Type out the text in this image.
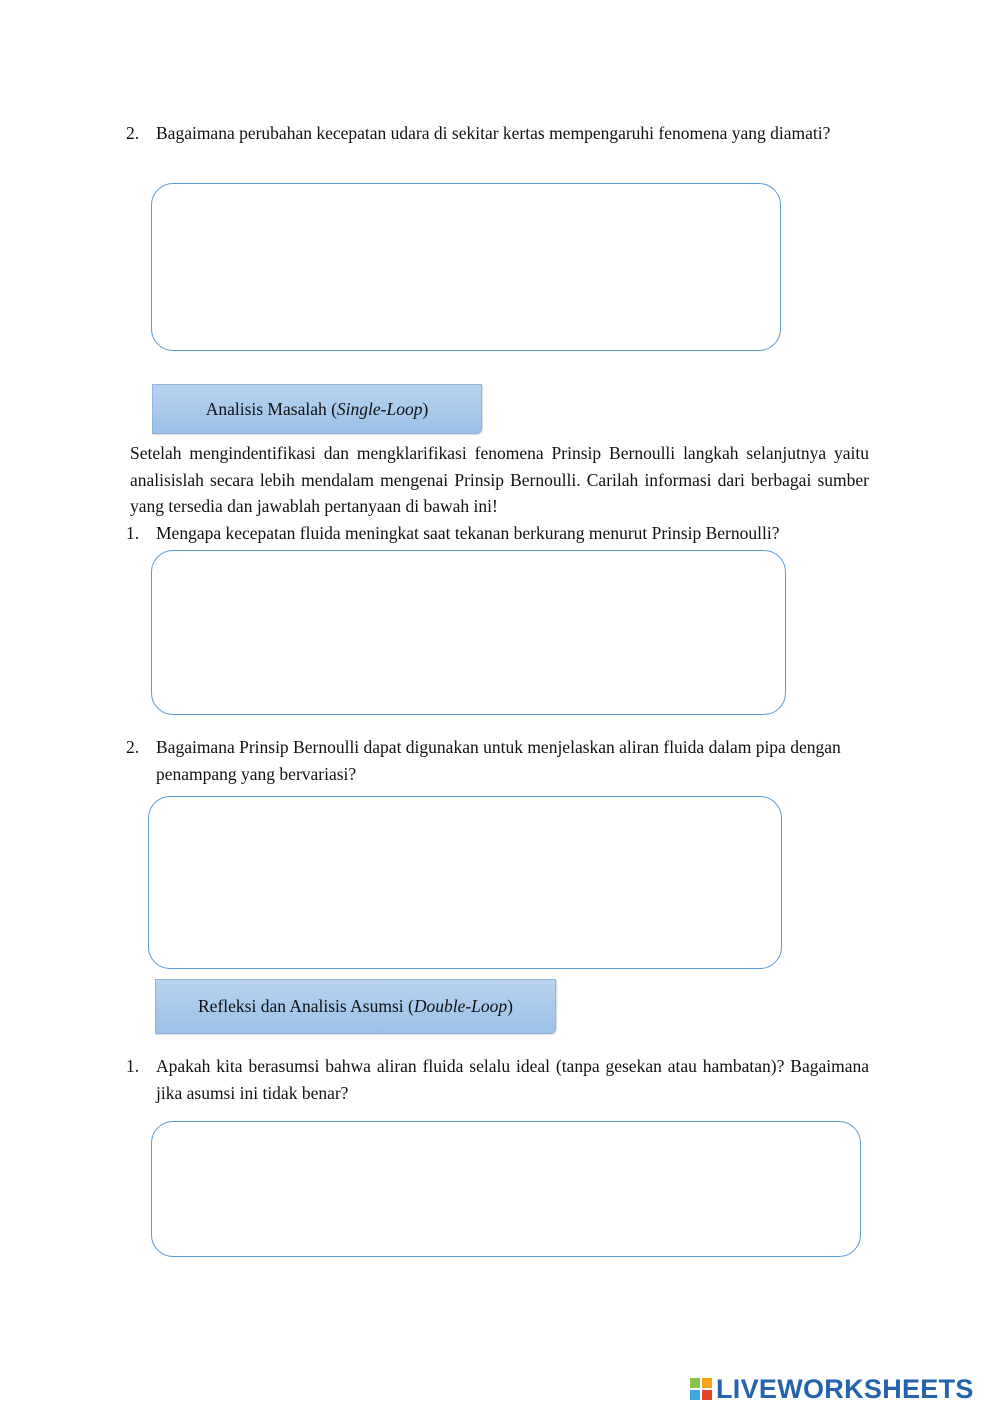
2. Bagaimana perubahan kecepatan udara di sekitar kertas mempengaruhi fenomena yang diamati?
Analisis Masalah (Single-Loop)
Setelah mengindentifikasi dan mengklarifikasi fenomena Prinsip Bernoulli langkah selanjutnya yaitu analisislah secara lebih mendalam mengenai Prinsip Bernoulli. Carilah informasi dari berbagai sumber yang tersedia dan jawablah pertanyaan di bawah ini!
1. Mengapa kecepatan fluida meningkat saat tekanan berkurang menurut Prinsip Bernoulli?
2. Bagaimana Prinsip Bernoulli dapat digunakan untuk menjelaskan aliran fluida dalam pipa dengan penampang yang bervariasi?
Refleksi dan Analisis Asumsi (Double-Loop)
1. Apakah kita berasumsi bahwa aliran fluida selalu ideal (tanpa gesekan atau hambatan)? Bagaimana jika asumsi ini tidak benar?
LIVEWORKSHEETS
